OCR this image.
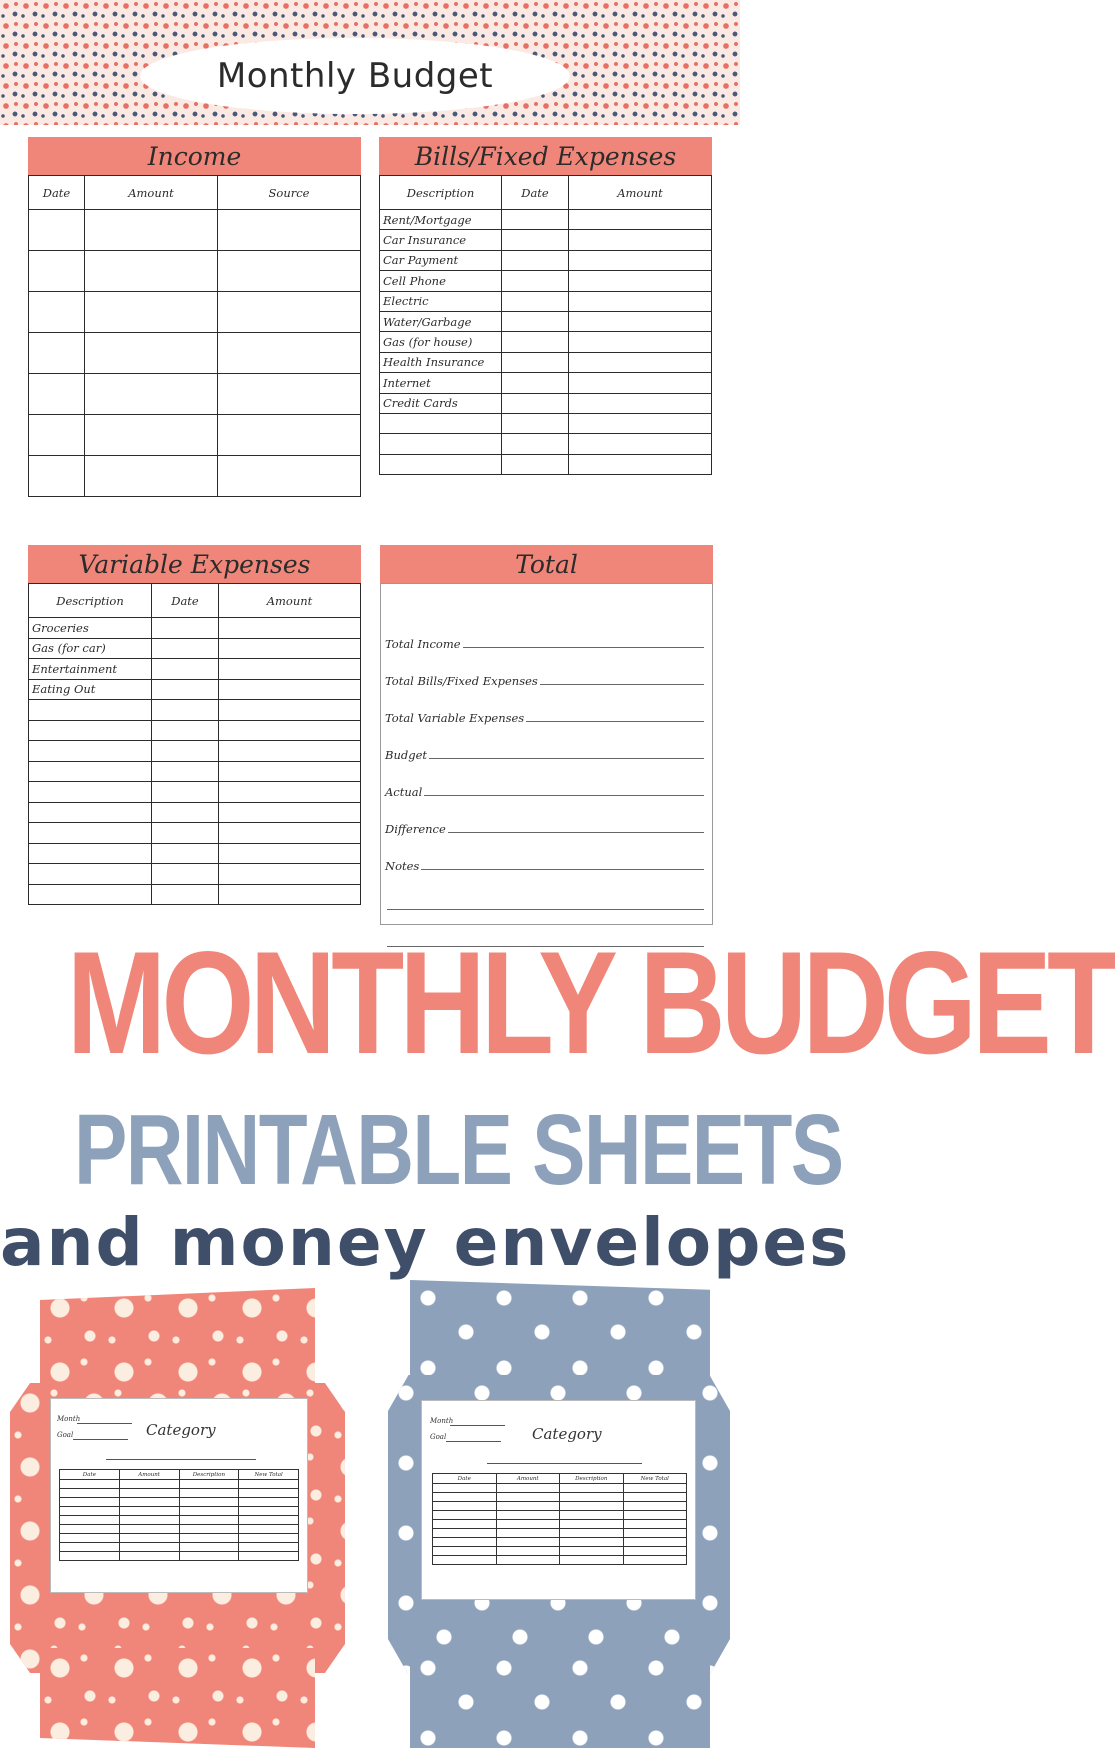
Monthly Budget
Income
Date	Amount	Source

Bills/Fixed Expenses
Description	Date	Amount
Rent/Mortgage		
Car Insurance		
Car Payment		
Cell Phone		
Electric		
Water/Garbage		
Gas (for house)		
Health Insurance		
Internet		
Credit Cards		

Variable Expenses
Description	Date	Amount
Groceries		
Gas (for car)		
Entertainment		
Eating Out		

Total
Total Income
Total Bills/Fixed Expenses
Total Variable Expenses
Budget
Actual
Difference
Notes
MONTHLY BUDGET
PRINTABLE SHEETS
and money envelopes
Month
Goal	Category
Date	Amount	Description	New Total

Month
Goal	Category
Date	Amount	Description	New Total
